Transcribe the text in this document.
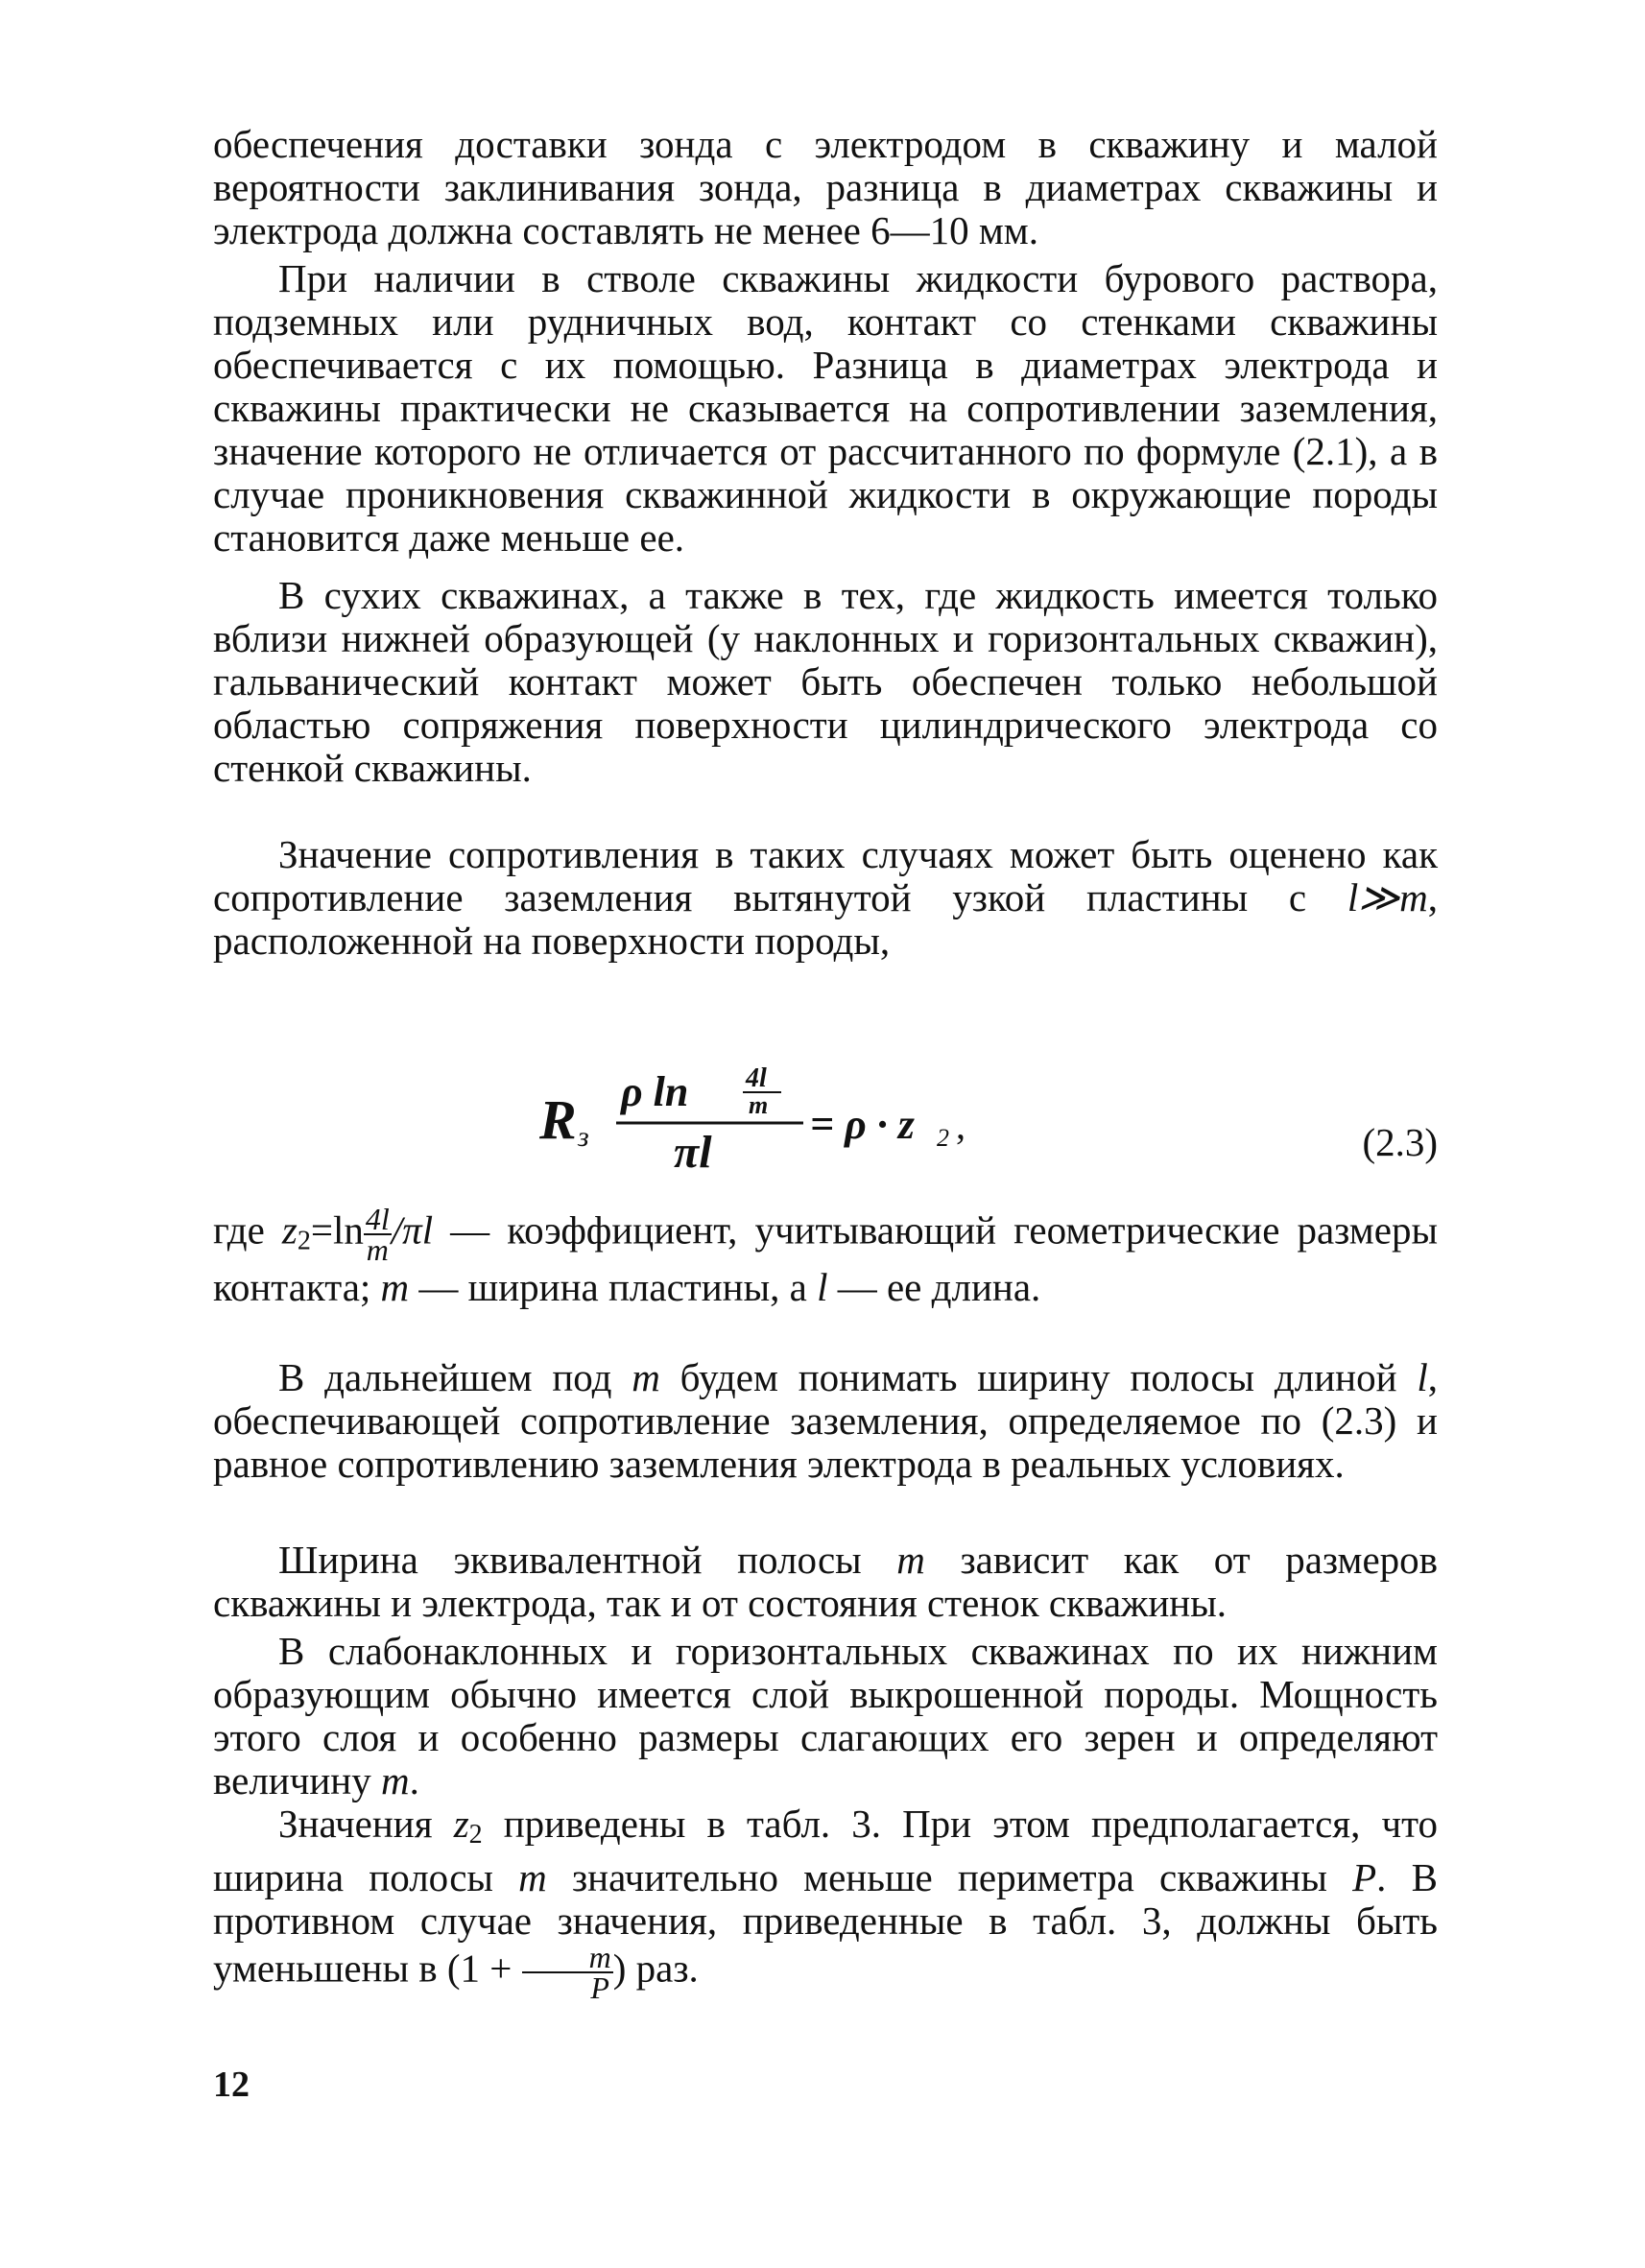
обеспечения доставки зонда с электродом в скважину и малой вероятности заклинивания зонда, разница в диаметрах скважины и электрода должна составлять не менее 6—10 мм.

При наличии в стволе скважины жидкости бурового раствора, подземных или рудничных вод, контакт со стенками скважины обеспечивается с их помощью. Разница в диаметрах электрода и скважины практически не сказывается на сопротивлении заземления, значение которого не отличается от рассчитанного по формуле (2.1), а в случае проникновения скважинной жидкости в окружающие породы становится даже меньше ее.

В сухих скважинах, а также в тех, где жидкость имеется только вблизи нижней образующей (у наклонных и горизонтальных скважин), гальванический контакт может быть обеспечен только небольшой областью сопряжения поверхности цилиндрического электрода со стенкой скважины.

Значение сопротивления в таких случаях может быть оценено как сопротивление заземления вытянутой узкой пластины с l≫m, расположенной на поверхности породы,

R з
ρ ln 4l
m
πl
= ρ · z 2 ,	(2.3)

где $z_2=\ln \frac{4l}{m} /\pi l$ — коэффициент, учитывающий геометрические размеры контакта; m — ширина пластины, а l — ее длина.

В дальнейшем под m будем понимать ширину полосы длиной l, обеспечивающей сопротивление заземления, определяемое по (2.3) и равное сопротивлению заземления электрода в реальных условиях.

Ширина эквивалентной полосы m зависит как от размеров скважины и электрода, так и от состояния стенок скважины.

В слабонаклонных и горизонтальных скважинах по их нижним образующим обычно имеется слой выкрошенной породы. Мощность этого слоя и особенно размеры слагающих его зерен и определяют величину m.

Значения $z_2$ приведены в табл. 3. При этом предполагается, что ширина полосы m значительно меньше периметра скважины P. В противном случае значения, приведенные в табл. 3, должны быть уменьшены в ($1 + \frac{m}{P}$ ) раз.

12
